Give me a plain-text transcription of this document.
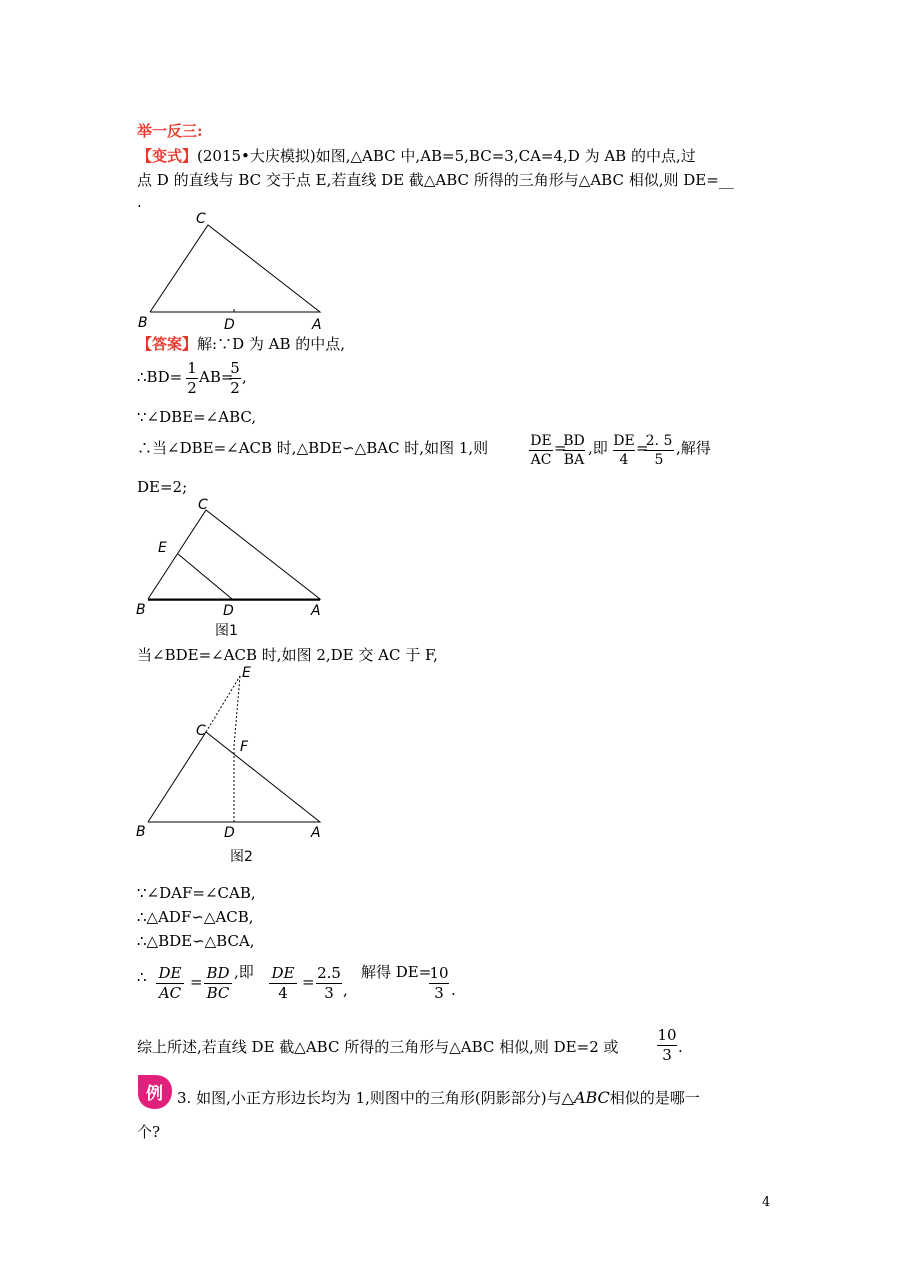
举一反三:
【变式】(2015•大庆模拟)如图,△ABC 中,AB=5,BC=3,CA=4,D 为 AB 的中点,过
点 D 的直线与 BC 交于点 E,若直线 DE 截△ABC 所得的三角形与△ABC 相似,则 DE=__
.
C
B	D	A
【答案】解:∵D 为 AB 的中点,
∴BD= 1
2
AB=
5
2
,
∵∠DBE=∠ABC,
∴当∠DBE=∠ACB 时,△BDE∽△BAC 时,如图 1,则	DE
AC
=
BD
BA
,即 DE
4
=
2. 5
5
,解得
DE=2;
C
E
B	D	A
图1
当∠BDE=∠ACB 时,如图 2,DE 交 AC 于 F,
E
C
F
B	D	A
图2
∵∠DAF=∠CAB,
∴△ADF∽△ACB,
∴△BDE∽△BCA,
∴ DE
AC
= BD
BC
,即 DE
4
= 2.5
3 ,
解得 DE=
10
3 .
综上所述,若直线 DE 截△ABC 所得的三角形与△ABC 相似,则 DE=2 或
10
3 .
例 3. 如图,小正方形边长均为 1,则图中的三角形(阴影部分)与△ABC相似的是哪一
个?
4
